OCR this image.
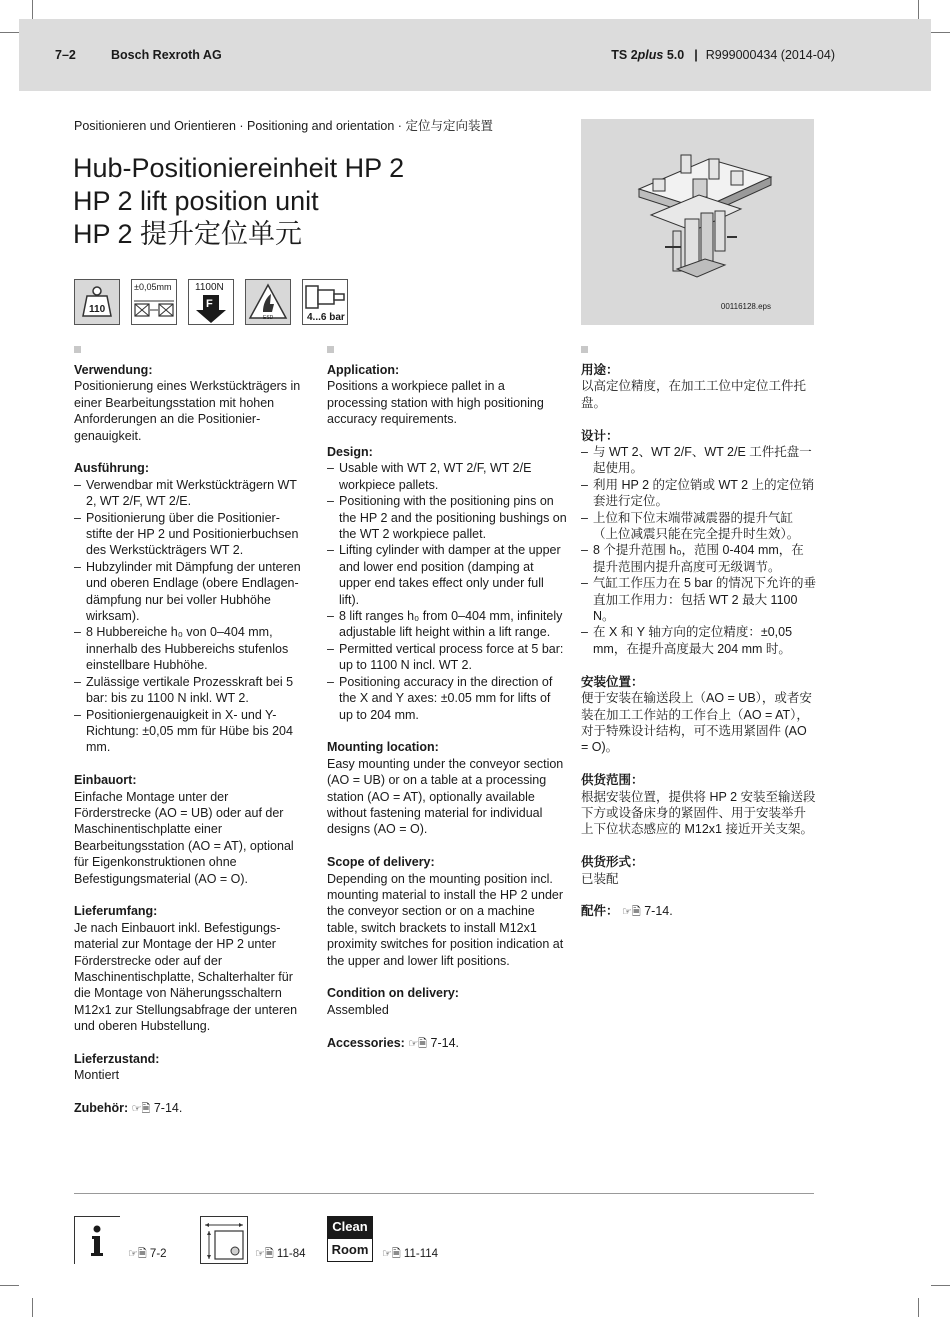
7–2	Bosch Rexroth AG	TS 2plus 5.0 | R999000434 (2014-04)
Positionieren und Orientieren · Positioning and orientation · 定位与定向装置
Hub-Positioniereinheit HP 2
HP 2 lift position unit
HP 2 提升定位单元
110
±0,05mm 1100N
F
ESD	4...6 bar
00116128.eps
Verwendung:
Positionierung eines Werkstückträgers in einer Bearbeitungsstation mit hohen Anforderungen an die Positionier-genauigkeit.
Ausführung:
– Verwendbar mit Werkstückträgern WT 2, WT 2/F, WT 2/E.
– Positionierung über die Positionier-stifte der HP 2 und Positionierbuchsen des Werkstückträgers WT 2.
– Hubzylinder mit Dämpfung der unteren und oberen Endlage (obere Endlagen-dämpfung nur bei voller Hubhöhe wirksam).
– 8 Hubbereiche h₀ von 0–404 mm, innerhalb des Hubbereichs stufenlos einstellbare Hubhöhe.
– Zulässige vertikale Prozesskraft bei 5 bar: bis zu 1100 N inkl. WT 2.
– Positioniergenauigkeit in X- und Y-Richtung: ±0,05 mm für Hübe bis 204 mm.
Einbauort:
Einfache Montage unter der Förderstrecke (AO = UB) oder auf der Maschinentischplatte einer Bearbeitungsstation (AO = AT), optional für Eigenkonstruktionen ohne Befestigungsmaterial (AO = O).
Lieferumfang:
Je nach Einbauort inkl. Befestigungs-material zur Montage der HP 2 unter Förderstrecke oder auf der Maschinentischplatte, Schalterhalter für die Montage von Näherungsschaltern M12x1 zur Stellungsabfrage der unteren und oberen Hubstellung.
Lieferzustand:
Montiert
Zubehör: ☞🗎 7-14.
Application:
Positions a workpiece pallet in a processing station with high positioning accuracy requirements.
Design:
– Usable with WT 2, WT 2/F, WT 2/E workpiece pallets.
– Positioning with the positioning pins on the HP 2 and the positioning bushings on the WT 2 workpiece pallet.
– Lifting cylinder with damper at the upper and lower end position (damping at upper end takes effect only under full lift).
– 8 lift ranges h₀ from 0–404 mm, infinitely adjustable lift height within a lift range.
– Permitted vertical process force at 5 bar: up to 1100 N incl. WT 2.
– Positioning accuracy in the direction of the X and Y axes: ±0.05 mm for lifts of up to 204 mm.
Mounting location:
Easy mounting under the conveyor section (AO = UB) or on a table at a processing station (AO = AT), optionally available without fastening material for individual designs (AO = O).
Scope of delivery:
Depending on the mounting position incl. mounting material to install the HP 2 under the conveyor section or on a machine table, switch brackets to install M12x1 proximity switches for position indication at the upper and lower lift positions.
Condition on delivery:
Assembled
Accessories: ☞🗎 7-14.
用途：
以高定位精度，在加工工位中定位工件托盘。
设计：
– 与 WT 2、WT 2/F、WT 2/E 工件托盘一起使用。
– 利用 HP 2 的定位销或 WT 2 上的定位销套进行定位。
– 上位和下位末端带减震器的提升气缸（上位减震只能在完全提升时生效）。
– 8 个提升范围 h₀，范围 0-404 mm，在提升范围内提升高度可无级调节。
– 气缸工作压力在 5 bar 的情况下允许的垂直加工作用力：包括 WT 2 最大 1100 N。
– 在 X 和 Y 轴方向的定位精度：±0,05 mm，在提升高度最大 204 mm 时。
安装位置：
便于安装在输送段上（AO = UB），或者安装在加工工作站的工作台上（AO = AT），对于特殊设计结构，可不选用紧固件 (AO = O)。
供货范围：
根据安装位置，提供将 HP 2 安装至输送段下方或设备床身的紧固件、用于安装举升上下位状态感应的 M12x1 接近开关支架。
供货形式：
已装配
配件： ☞🗎 7-14.
☞🗎 7-2	☞🗎 11-84
Clean
Room	☞🗎 11-114
